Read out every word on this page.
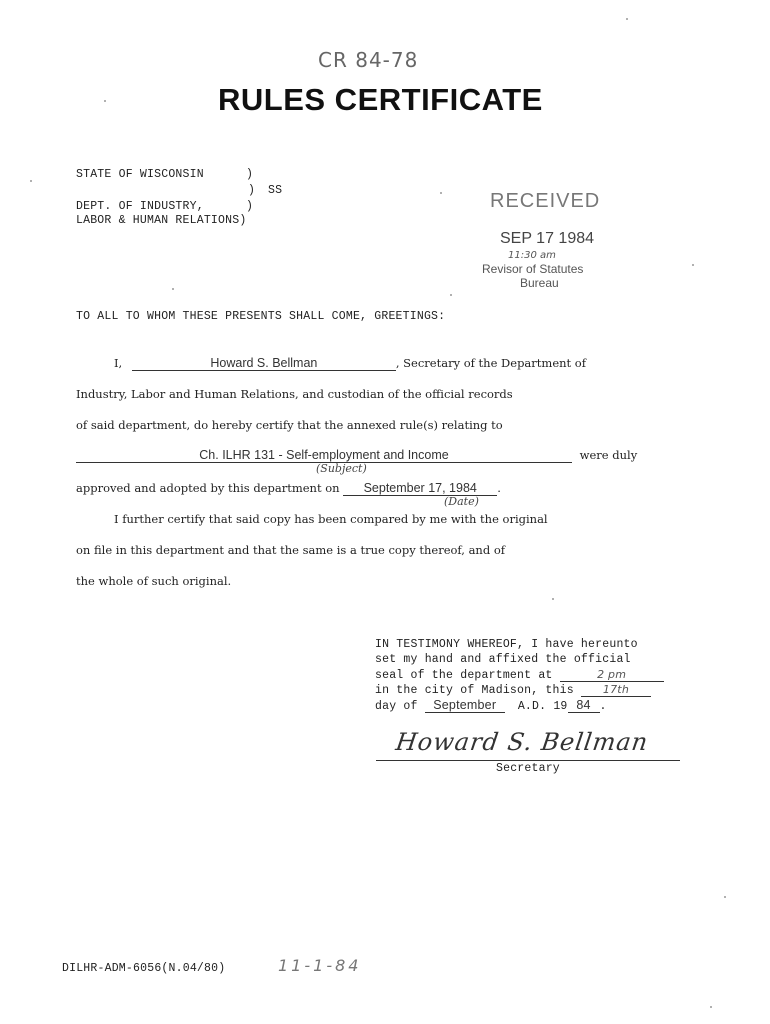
CR 84-78
RULES CERTIFICATE
STATE OF WISCONSIN	)
) SS
DEPT. OF INDUSTRY,	)
LABOR & HUMAN RELATIONS)
RECEIVED
SEP 17 1984
11:30 am
Revisor of Statutes
Bureau
TO ALL TO WHOM THESE PRESENTS SHALL COME, GREETINGS:
I,	Howard S. Bellman	, Secretary of the Department of
Industry, Labor and Human Relations, and custodian of the official records
of said department, do hereby certify that the annexed rule(s) relating to
Ch. ILHR 131 - Self-employment and Income	were duly
(Subject)
approved and adopted by this department on September 17, 1984 .
(Date)
I further certify that said copy has been compared by me with the original
on file in this department and that the same is a true copy thereof, and of
the whole of such original.
IN TESTIMONY WHEREOF, I have hereunto
set my hand and affixed the official
seal of the department at	2 pm
in the city of Madison, this	17th
day of September A.D. 19 84 .
Howard S. Bellman
Secretary
DILHR-ADM-6056(N.04/80)	11-1-84
